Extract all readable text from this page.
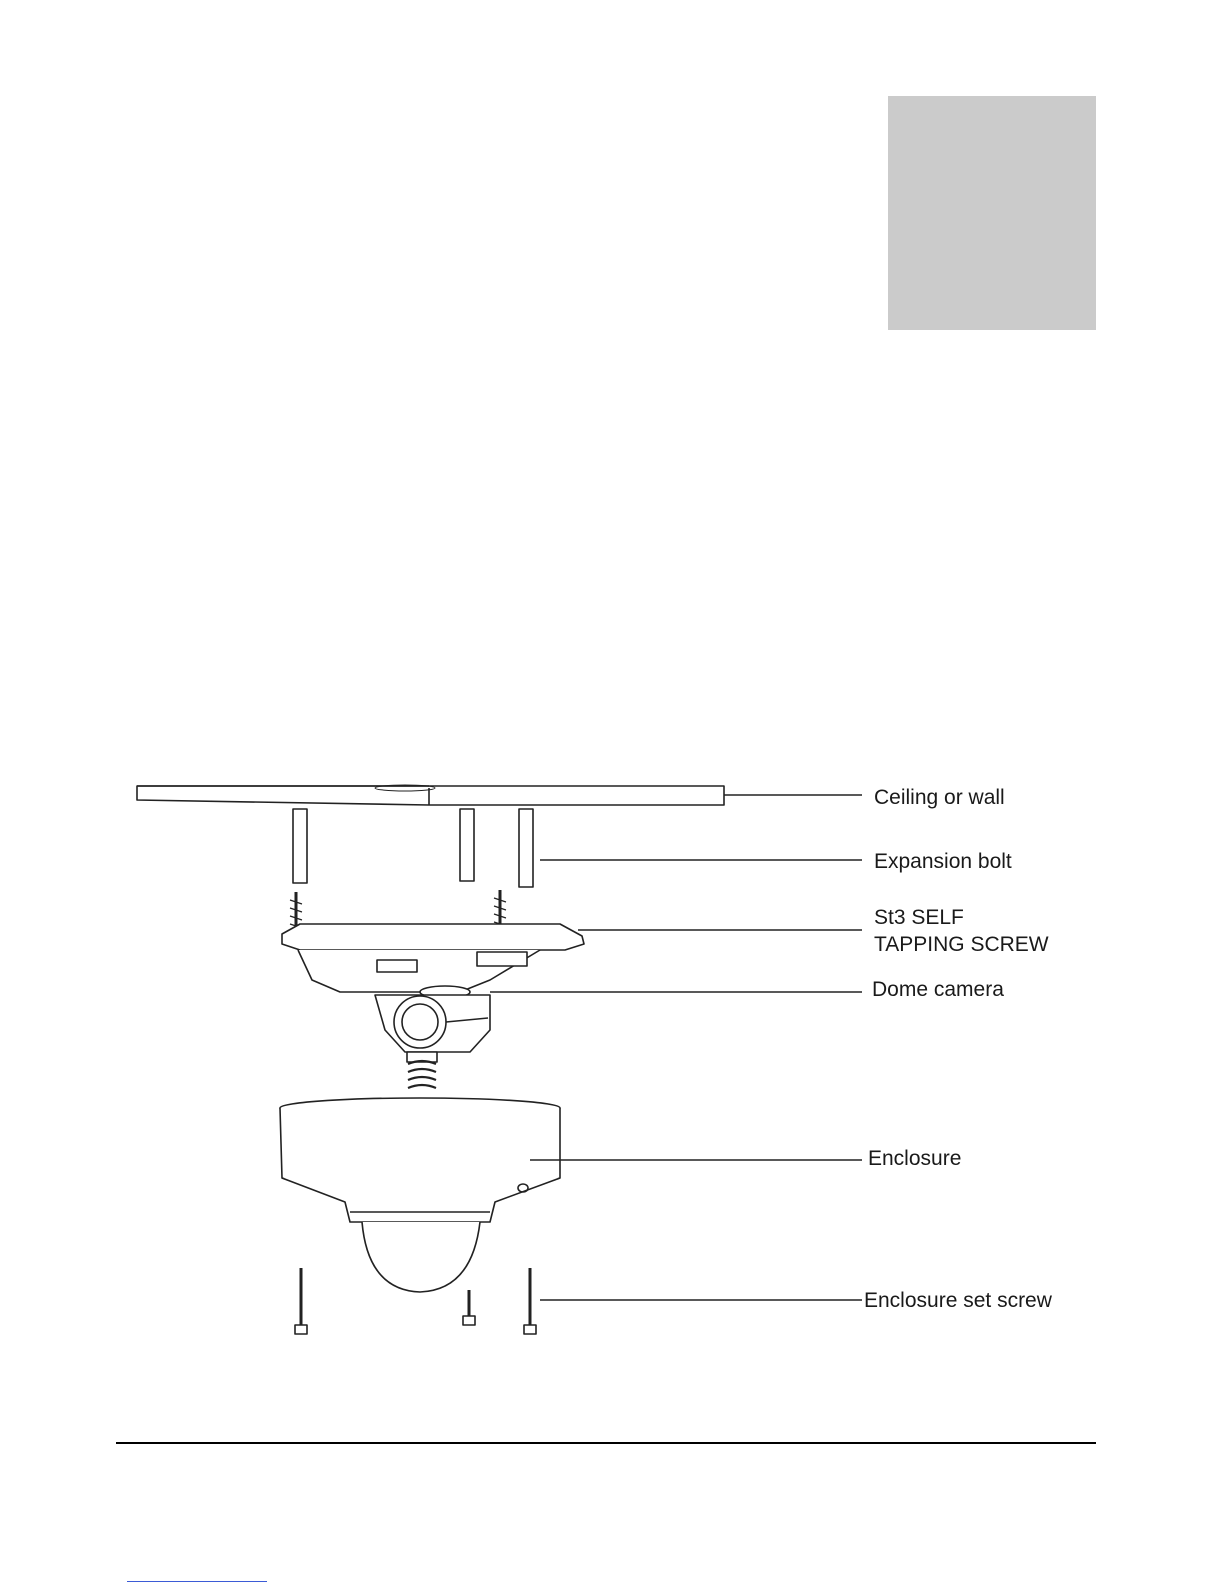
Ceiling or wall
Expansion bolt
St3 SELF
TAPPING SCREW
Dome camera
Enclosure
Enclosure set screw
